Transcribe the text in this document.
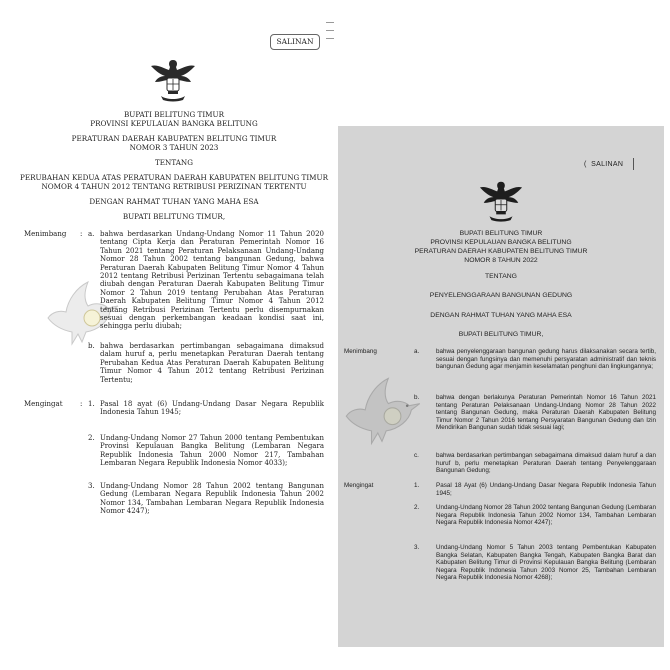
SALINAN
BUPATI BELITUNG TIMUR
PROVINSI KEPULAUAN BANGKA BELITUNG
PERATURAN DAERAH KABUPATEN BELITUNG TIMUR
NOMOR 3 TAHUN 2023
TENTANG
PERUBAHAN KEDUA ATAS PERATURAN DAERAH KABUPATEN BELITUNG TIMUR
NOMOR 4 TAHUN 2012 TENTANG RETRIBUSI PERIZINAN TERTENTU
DENGAN RAHMAT TUHAN YANG MAHA ESA
BUPATI BELITUNG TIMUR,
Menimbang	: a. bahwa berdasarkan Undang-Undang Nomor 11 Tahun 2020 tentang Cipta Kerja dan Peraturan Pemerintah Nomor 16 Tahun 2021 tentang Peraturan Pelaksanaan Undang-Undang Nomor 28 Tahun 2002 tentang bangunan Gedung, bahwa Peraturan Daerah Kabupaten Belitung Timur Nomor 4 Tahun 2012 tentang Retribusi Perizinan Tertentu sebagaimana telah diubah dengan Peraturan Daerah Kabupaten Belitung Timur Nomor 2 Tahun 2019 tentang Perubahan Atas Peraturan Daerah Kabupaten Belitung Timur Nomor 4 Tahun 2012 tentang Retribusi Perizinan Tertentu perlu disempurnakan sesuai dengan perkembangan keadaan kondisi saat ini, sehingga perlu diubah;
b. bahwa berdasarkan pertimbangan sebagaimana dimaksud dalam huruf a, perlu menetapkan Peraturan Daerah tentang Perubahan Kedua Atas Peraturan Daerah Kabupaten Belitung Timur Nomor 4 Tahun 2012 tentang Retribusi Perizinan Tertentu;
Mengingat	: 1. Pasal 18 ayat (6) Undang-Undang Dasar Negara Republik Indonesia Tahun 1945;
2. Undang-Undang Nomor 27 Tahun 2000 tentang Pembentukan Provinsi Kepulauan Bangka Belitung (Lembaran Negara Republik Indonesia Tahun 2000 Nomor 217, Tambahan Lembaran Negara Republik Indonesia Nomor 4033);
3. Undang-Undang Nomor 28 Tahun 2002 tentang Bangunan Gedung (Lembaran Negara Republik Indonesia Tahun 2002 Nomor 134, Tambahan Lembaran Negara Republik Indonesia Nomor 4247);
(  SALINAN
BUPATI BELITUNG TIMUR
PROVINSI KEPULAUAN BANGKA BELITUNG
PERATURAN DAERAH KABUPATEN BELITUNG TIMUR
NOMOR 8 TAHUN 2022
TENTANG
PENYELENGGARAAN BANGUNAN GEDUNG
DENGAN RAHMAT TUHAN YANG MAHA ESA
BUPATI BELITUNG TIMUR,
Menimbang	a.	bahwa penyelenggaraan bangunan gedung harus dilaksanakan secara tertib, sesuai dengan fungsinya dan memenuhi persyaratan administratif dan teknis bangunan Gedung agar menjamin keselamatan penghuni dan lingkungannya;
b.	bahwa dengan berlakunya Peraturan Pemerintah Nomor 16 Tahun 2021 tentang Peraturan Pelaksanaan Undang-Undang Nomor 28 Tahun 2022 tentang Bangunan Gedung, maka Peraturan Daerah Kabupaten Belitung Timur Nomor 2 Tahun 2016 tentang Persyaratan Bangunan Gedung dan Izin Mendirikan Bangunan sudah tidak sesuai lagi;
c.	bahwa berdasarkan pertimbangan sebagaimana dimaksud dalam huruf a dan huruf b, perlu menetapkan Peraturan Daerah tentang Penyelenggaraan Bangunan Gedung;
Mengingat	1.	Pasal 18 Ayat (6) Undang-Undang Dasar Negara Republik Indonesia Tahun 1945;
2.	Undang-Undang Nomor 28 Tahun 2002 tentang Bangunan Gedung (Lembaran Negara Republik Indonesia Tahun 2002 Nomor 134, Tambahan Lembaran Negara Republik Indonesia Nomor 4247);
3.	Undang-Undang Nomor 5 Tahun 2003 tentang Pembentukan Kabupaten Bangka Selatan, Kabupaten Bangka Tengah, Kabupaten Bangka Barat dan Kabupaten Belitung Timur di Provinsi Kepulauan Bangka Belitung (Lembaran Negara Republik Indonesia Tahun 2003 Nomor 25, Tambahan Lembaran Negara Republik Indonesia Nomor 4268);
